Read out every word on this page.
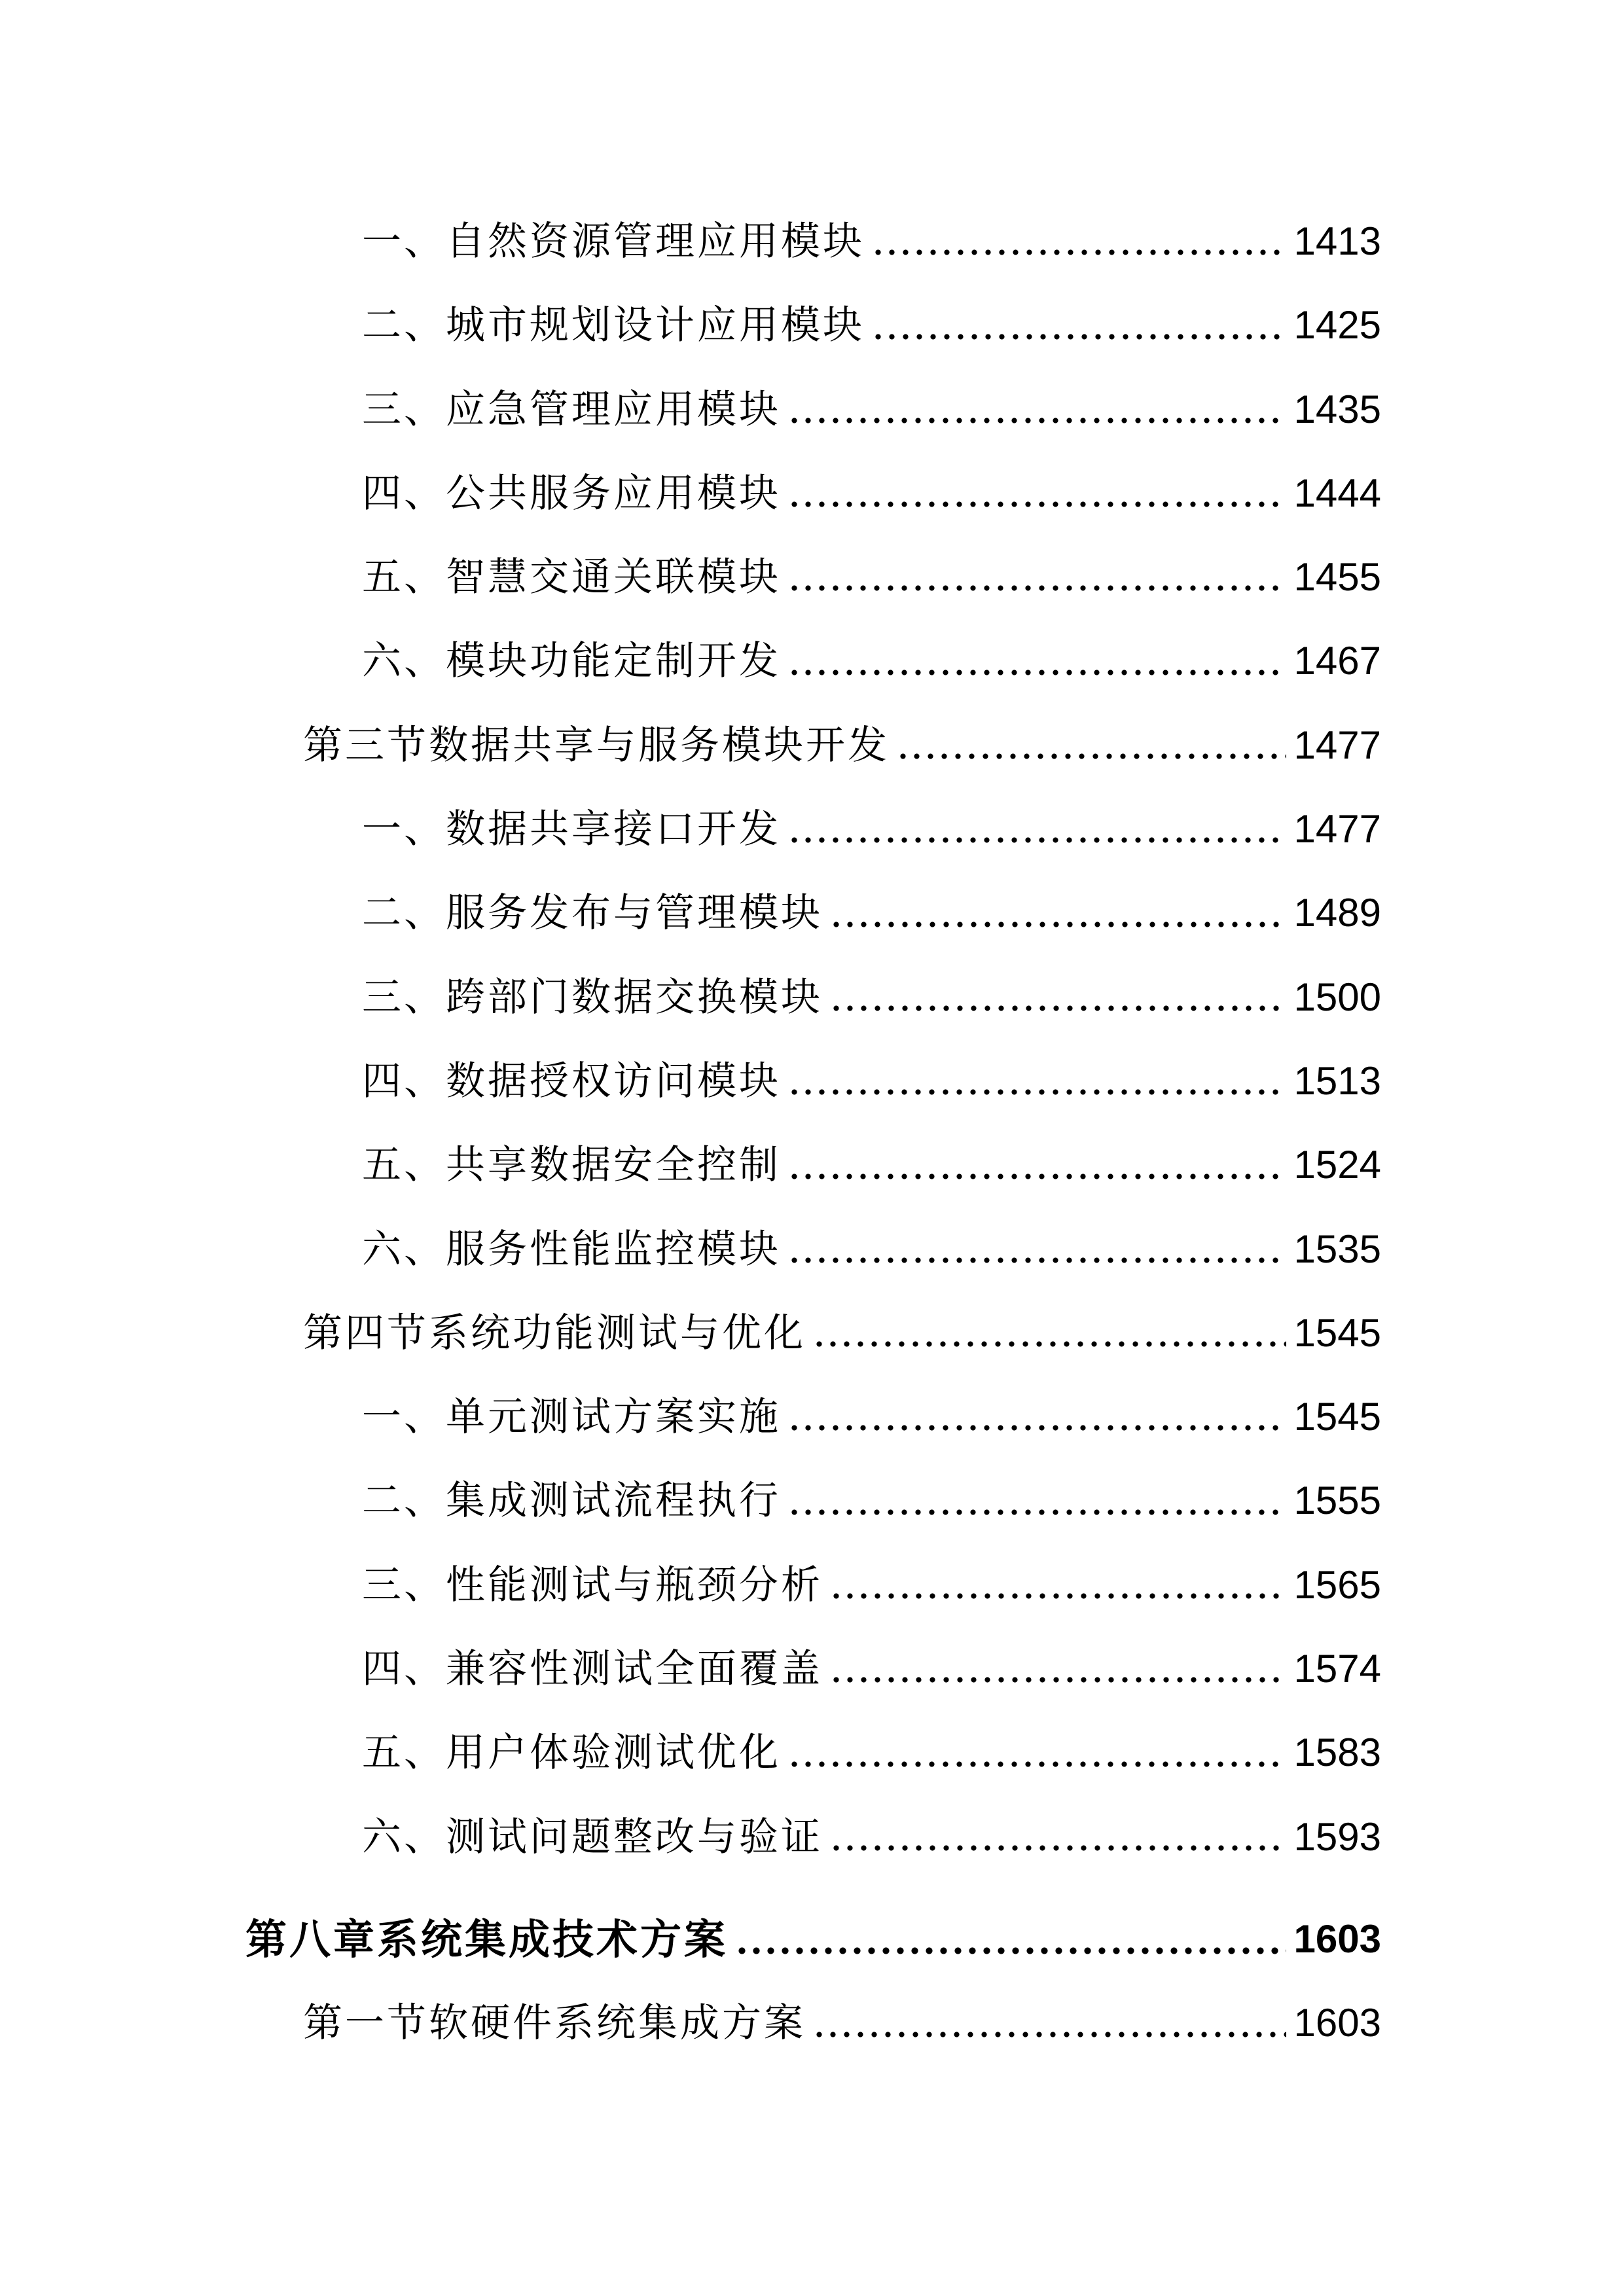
一、自然资源管理应用模块	1413
二、城市规划设计应用模块	1425
三、应急管理应用模块	1435
四、公共服务应用模块	1444
五、智慧交通关联模块	1455
六、模块功能定制开发	1467
第三节数据共享与服务模块开发	1477
一、数据共享接口开发	1477
二、服务发布与管理模块	1489
三、跨部门数据交换模块	1500
四、数据授权访问模块	1513
五、共享数据安全控制	1524
六、服务性能监控模块	1535
第四节系统功能测试与优化	1545
一、单元测试方案实施	1545
二、集成测试流程执行	1555
三、性能测试与瓶颈分析	1565
四、兼容性测试全面覆盖	1574
五、用户体验测试优化	1583
六、测试问题整改与验证	1593
第八章系统集成技术方案	1603
第一节软硬件系统集成方案	1603
